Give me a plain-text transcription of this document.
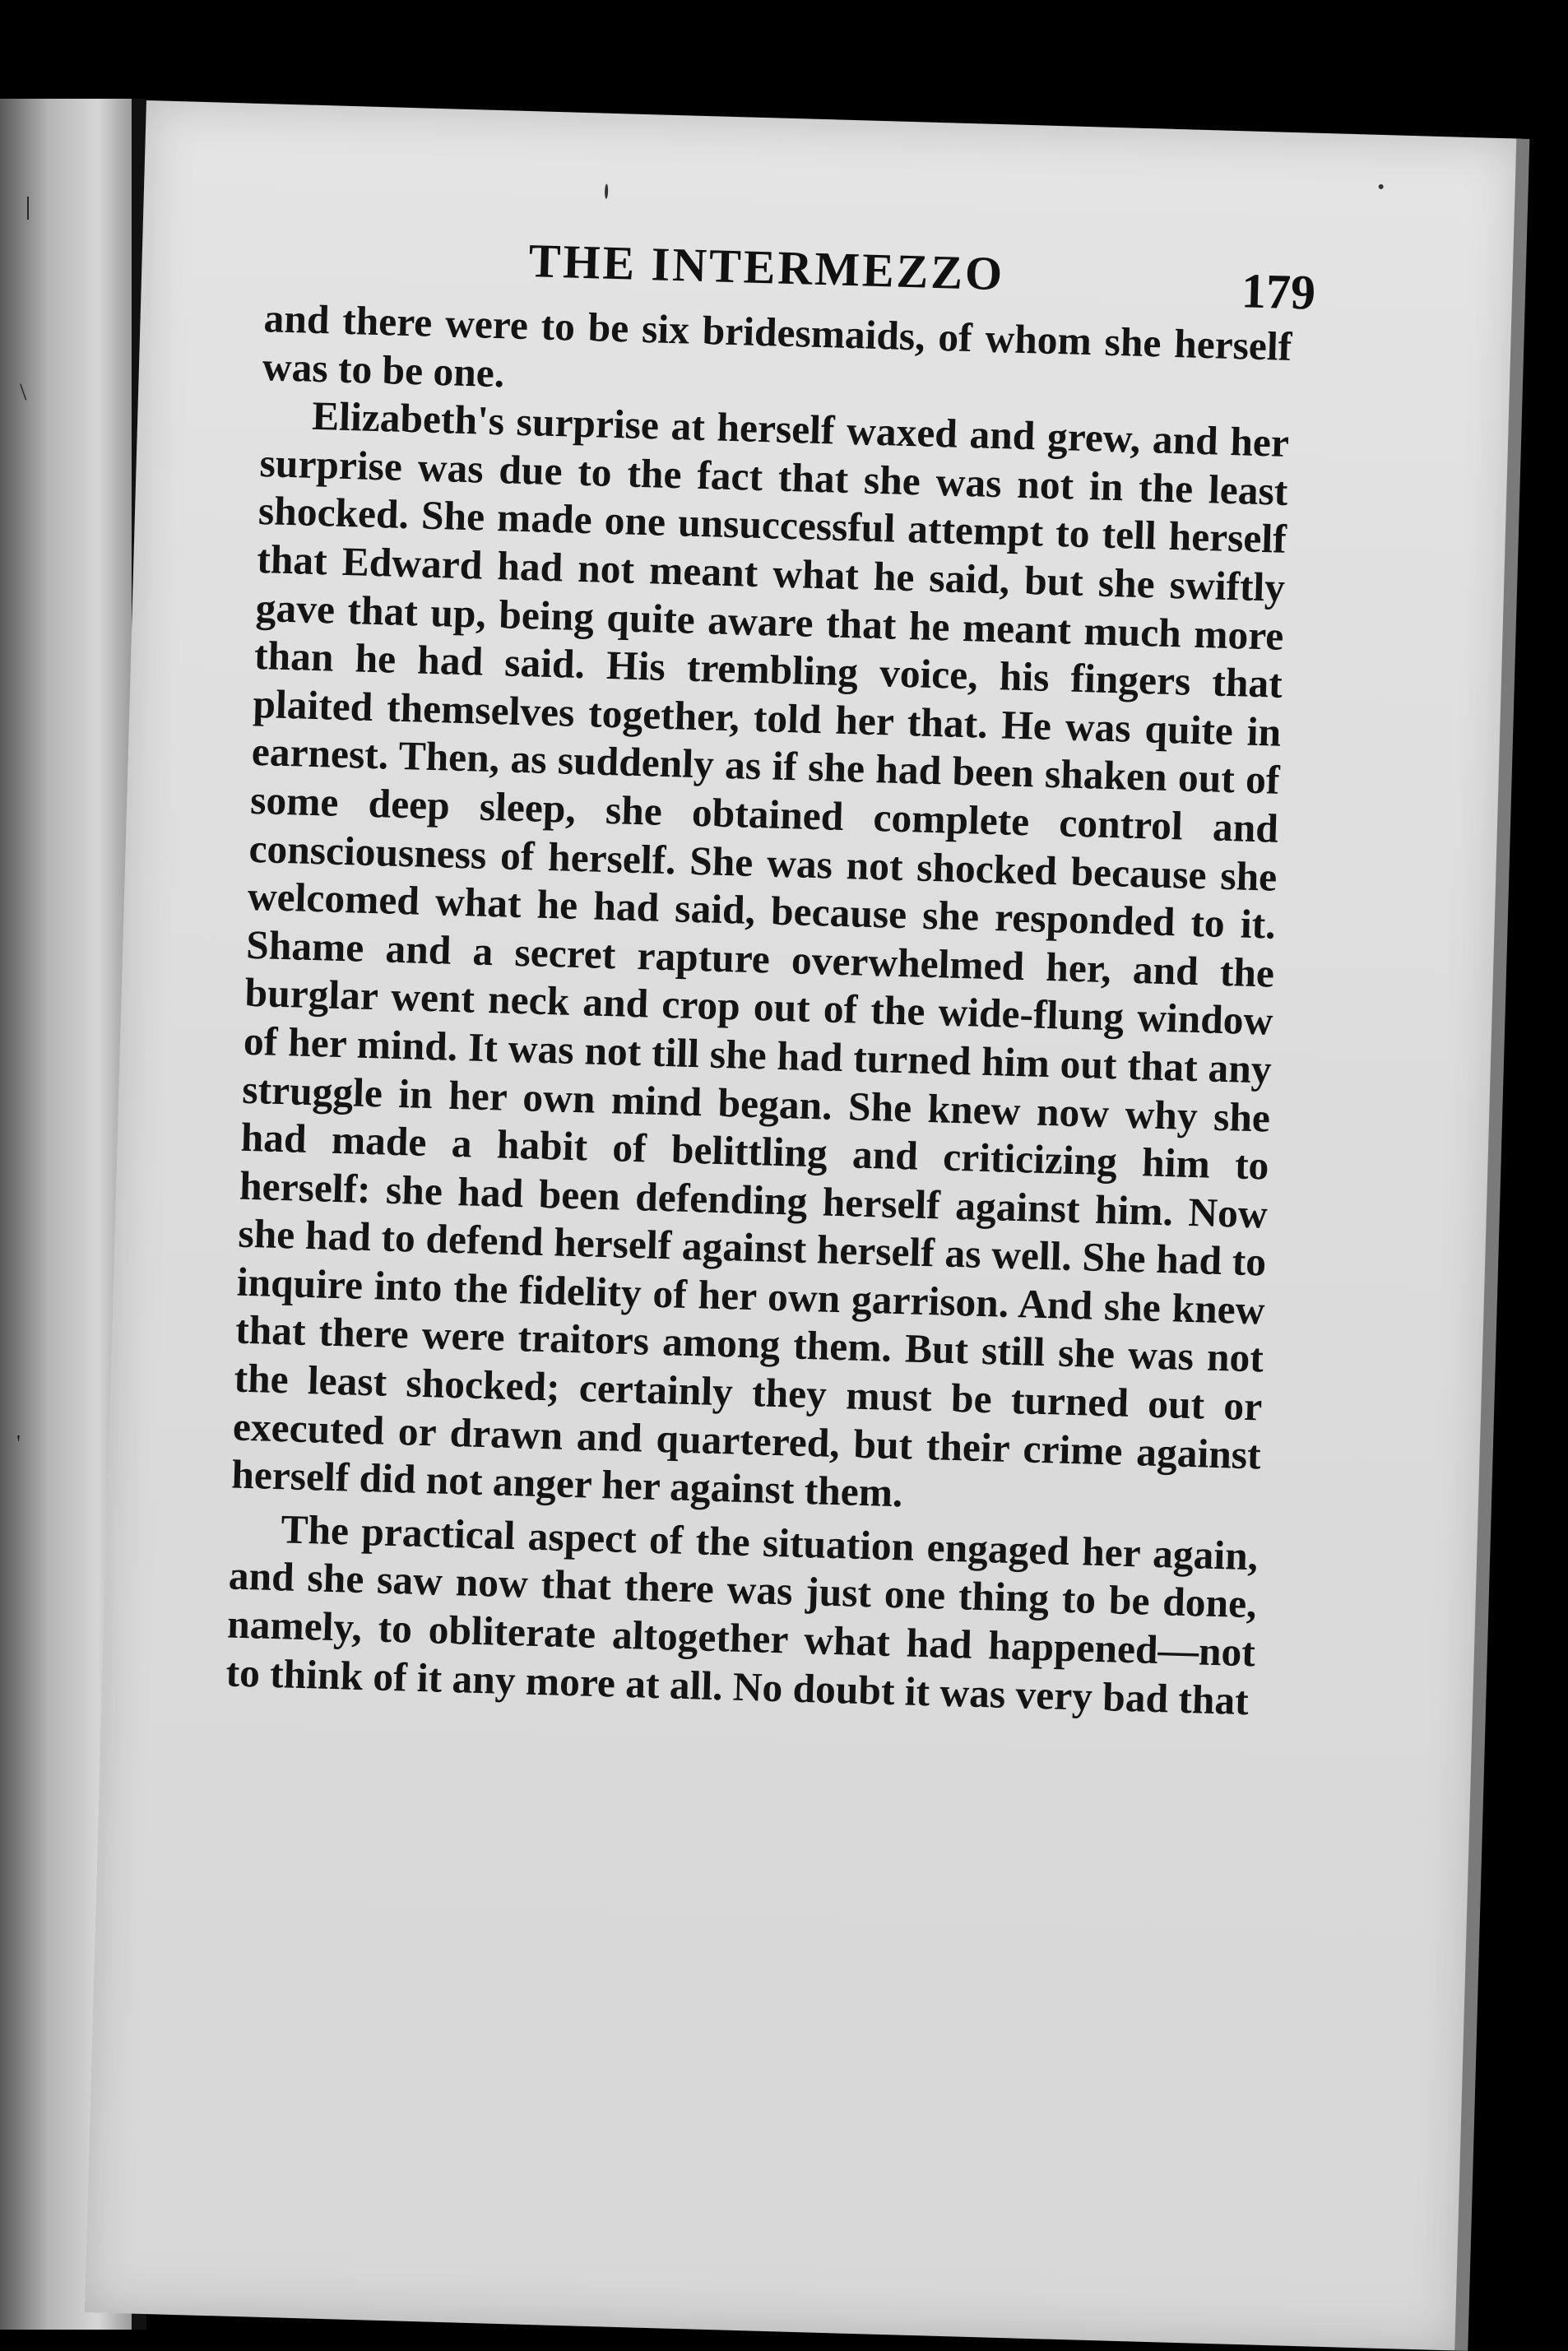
ǀ
\
'
THE INTERMEZZO	179

and there were to be six bridesmaids, of whom she herself was to be one.

Elizabeth's surprise at herself waxed and grew, and her surprise was due to the fact that she was not in the least shocked. She made one unsuccessful attempt to tell herself that Edward had not meant what he said, but she swiftly gave that up, being quite aware that he meant much more than he had said. His trembling voice, his fingers that plaited themselves together, told her that. He was quite in earnest. Then, as suddenly as if she had been shaken out of some deep sleep, she obtained complete control and consciousness of herself. She was not shocked because she welcomed what he had said, because she responded to it. Shame and a secret rapture overwhelmed her, and the burglar went neck and crop out of the wide-flung window of her mind. It was not till she had turned him out that any struggle in her own mind began. She knew now why she had made a habit of belittling and criticizing him to herself: she had been defending herself against him. Now she had to defend herself against herself as well. She had to inquire into the fidelity of her own garrison. And she knew that there were traitors among them. But still she was not the least shocked; certainly they must be turned out or executed or drawn and quartered, but their crime against herself did not anger her against them.

The practical aspect of the situation engaged her again, and she saw now that there was just one thing to be done, namely, to obliterate altogether what had happened—not to think of it any more at all. No doubt it was very bad that
